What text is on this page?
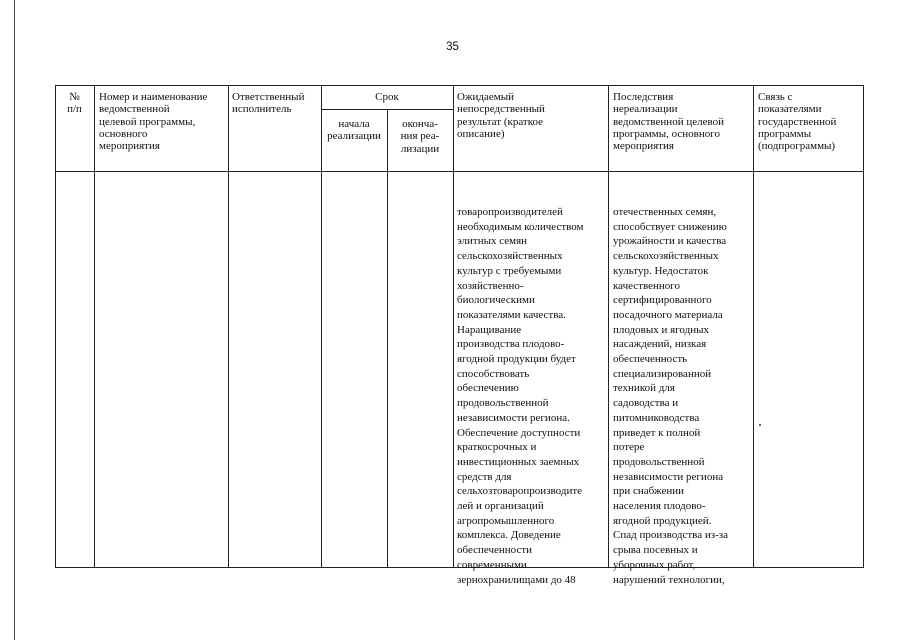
35
№
п/п
Номер и наименование
ведомственной
целевой программы,
основного
мероприятия
Ответственный
исполнитель
Срок
начала
реализации
оконча-
ния реа-
лизации
Ожидаемый
непосредственный
результат (краткое
описание)
Последствия
нереализации
ведомственной целевой
программы, основного
мероприятия
Связь с
показателями
государственной
программы
(подпрограммы)
товаропроизводителей
необходимым количеством
элитных семян
сельскохозяйственных
культур с требуемыми
хозяйственно-
биологическими
показателями качества.
Наращивание
производства плодово-
ягодной продукции будет
способствовать
обеспечению
продовольственной
независимости региона.
Обеспечение доступности
краткосрочных и
инвестиционных заемных
средств для
сельхозтоваропроизводите
лей и организаций
агропромышленного
комплекса. Доведение
обеспеченности
современными
зернохранилищами до 48
отечественных семян,
способствует снижению
урожайности и качества
сельскохозяйственных
культур. Недостаток
качественного
сертифицированного
посадочного материала
плодовых и ягодных
насаждений, низкая
обеспеченность
специализированной
техникой для
садоводства и
питомниководства
приведет к полной
потере
продовольственной
независимости региона
при снабжении
населения плодово-
ягодной продукцией.
Спад производства из-за
срыва посевных и
уборочных работ,
нарушений технологии,
